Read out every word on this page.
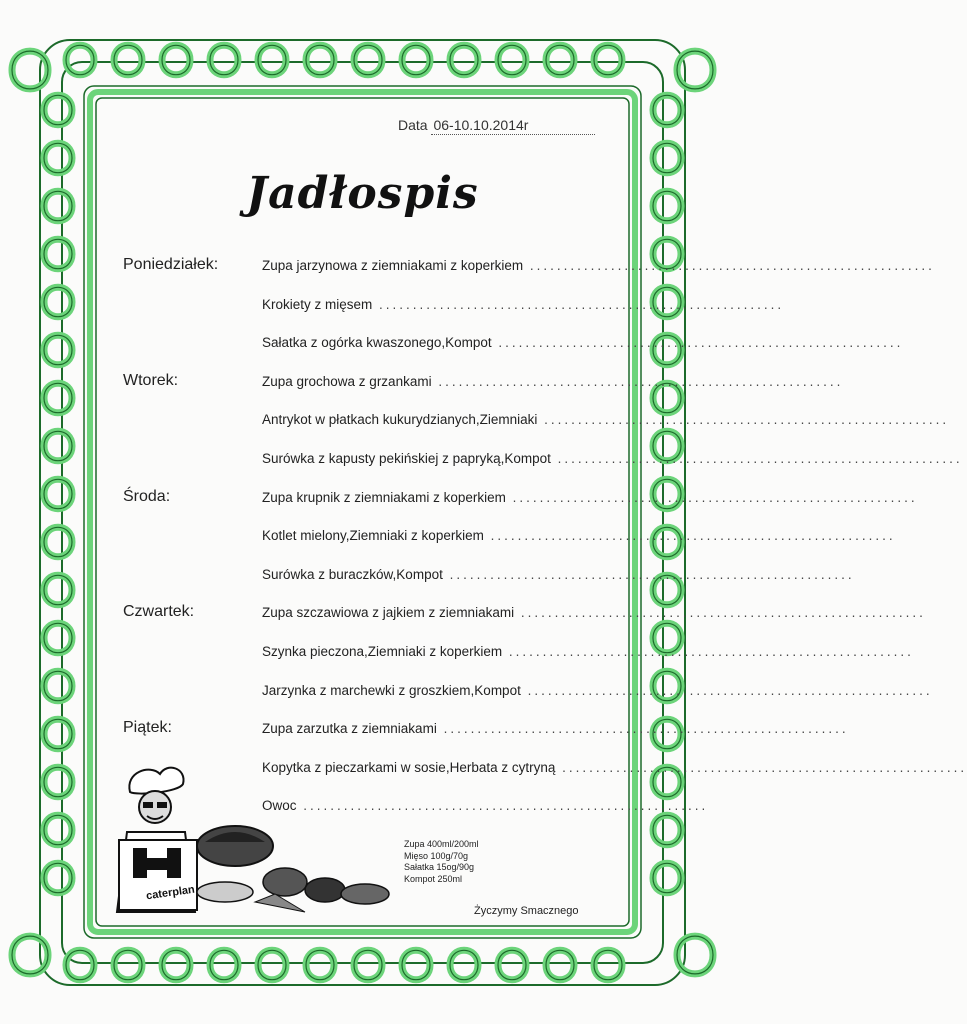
Data 06-10.10.2014r
Jadłospis
Poniedziałek:	Zupa jarzynowa z ziemniakami z koperkiem ............................................................
Krokiety z mięsem ............................................................
Sałatka z ogórka kwaszonego,Kompot ............................................................
Wtorek:	Zupa grochowa z grzankami ............................................................
Antrykot w płatkach kukurydzianych,Ziemniaki ............................................................
Surówka z kapusty pekińskiej z papryką,Kompot ............................................................
Środa:	Zupa krupnik z ziemniakami z koperkiem ............................................................
Kotlet mielony,Ziemniaki z koperkiem ............................................................
Surówka z buraczków,Kompot ............................................................
Czwartek:	Zupa szczawiowa z jajkiem z ziemniakami ............................................................
Szynka pieczona,Ziemniaki z koperkiem ............................................................
Jarzynka z marchewki z groszkiem,Kompot ............................................................
Piątek:	Zupa zarzutka z ziemniakami ............................................................
Kopytka z pieczarkami w sosie,Herbata z cytryną ............................................................
Owoc ............................................................
caterplan
Zupa 400ml/200ml
Mięso 100g/70g
Sałatka 15og/90g
Kompot 250ml
Życzymy Smacznego
